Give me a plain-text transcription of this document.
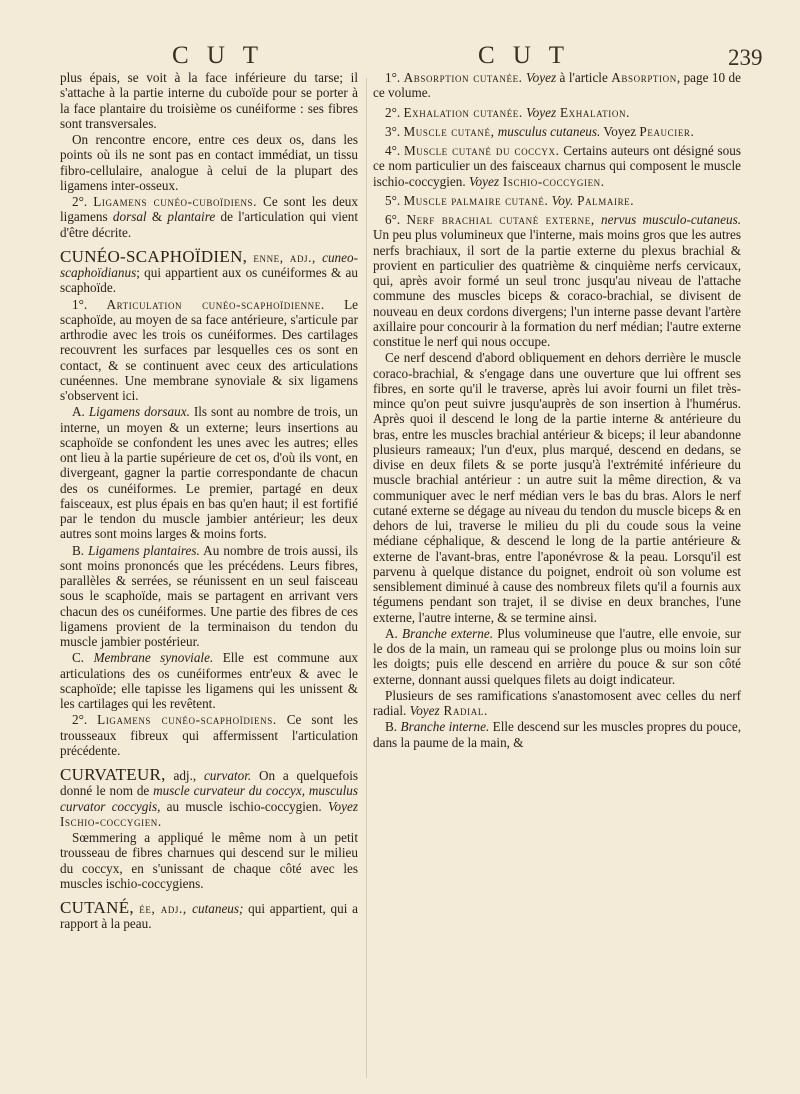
C U T	C U T	239

plus épais, se voit à la face inférieure du tarse; il s'attache à la partie interne du cuboïde pour se porter à la face plantaire du troisième os cunéiforme : ses fibres sont transversales.

On rencontre encore, entre ces deux os, dans les points où ils ne sont pas en contact immédiat, un tissu fibro-cellulaire, analogue à celui de la plupart des ligamens inter-osseux.

2°. Ligamens cunéo-cuboïdiens. Ce sont les deux ligamens dorsal & plantaire de l'articulation qui vient d'être décrite.

CUNÉO-SCAPHOÏDIEN, enne, adj., cuneo-scaphoïdianus; qui appartient aux os cunéiformes & au scaphoïde.

1°. Articulation cunéo-scaphoïdienne. Le scaphoïde, au moyen de sa face antérieure, s'articule par arthrodie avec les trois os cunéiformes. Des cartilages recouvrent les surfaces par lesquelles ces os sont en contact, & se continuent avec ceux des articulations cunéennes. Une membrane synoviale & six ligamens s'observent ici.

A. Ligamens dorsaux. Ils sont au nombre de trois, un interne, un moyen & un externe; leurs insertions au scaphoïde se confondent les unes avec les autres; elles ont lieu à la partie supérieure de cet os, d'où ils vont, en divergeant, gagner la partie correspondante de chacun des os cunéiformes. Le premier, partagé en deux faisceaux, est plus épais en bas qu'en haut; il est fortifié par le tendon du muscle jambier antérieur; les deux autres sont moins larges & moins forts.

B. Ligamens plantaires. Au nombre de trois aussi, ils sont moins prononcés que les précédens. Leurs fibres, parallèles & serrées, se réunissent en un seul faisceau sous le scaphoïde, mais se partagent en arrivant vers chacun des os cunéiformes. Une partie des fibres de ces ligamens provient de la terminaison du tendon du muscle jambier postérieur.

C. Membrane synoviale. Elle est commune aux articulations des os cunéiformes entr'eux & avec le scaphoïde; elle tapisse les ligamens qui les unissent & les cartilages qui les revêtent.

2°. Ligamens cunéo-scaphoïdiens. Ce sont les trousseaux fibreux qui affermissent l'articulation précédente.

CURVATEUR, adj., curvator. On a quelquefois donné le nom de muscle curvateur du coccyx, musculus curvator coccygis, au muscle ischio-coccygien. Voyez Ischio-coccygien.

Sœmmering a appliqué le même nom à un petit trousseau de fibres charnues qui descend sur le milieu du coccyx, en s'unissant de chaque côté avec les muscles ischio-coccygiens.

CUTANÉ, ée, adj., cutaneus; qui appartient, qui a rapport à la peau.

1°. Absorption cutanée. Voyez à l'article Absorption, page 10 de ce volume.

2°. Exhalation cutanée. Voyez Exhalation.

3°. Muscle cutané, musculus cutaneus. Voyez Peaucier.

4°. Muscle cutané du coccyx. Certains auteurs ont désigné sous ce nom particulier un des faisceaux charnus qui composent le muscle ischio-coccygien. Voyez Ischio-coccygien.

5°. Muscle palmaire cutané. Voy. Palmaire.

6°. Nerf brachial cutané externe, nervus musculo-cutaneus. Un peu plus volumineux que l'interne, mais moins gros que les autres nerfs brachiaux, il sort de la partie externe du plexus brachial & provient en particulier des quatrième & cinquième nerfs cervicaux, qui, après avoir formé un seul tronc jusqu'au niveau de l'attache commune des muscles biceps & coraco-brachial, se divisent de nouveau en deux cordons divergens; l'un interne passe devant l'artère axillaire pour concourir à la formation du nerf médian; l'autre externe constitue le nerf qui nous occupe.

Ce nerf descend d'abord obliquement en dehors derrière le muscle coraco-brachial, & s'engage dans une ouverture que lui offrent ses fibres, en sorte qu'il le traverse, après lui avoir fourni un filet très-mince qu'on peut suivre jusqu'auprès de son insertion à l'humérus. Après quoi il descend le long de la partie interne & antérieure du bras, entre les muscles brachial antérieur & biceps; il leur abandonne plusieurs rameaux; l'un d'eux, plus marqué, descend en dedans, se divise en deux filets & se porte jusqu'à l'extrémité inférieure du muscle brachial antérieur : un autre suit la même direction, & va communiquer avec le nerf médian vers le bas du bras. Alors le nerf cutané externe se dégage au niveau du tendon du muscle biceps & en dehors de lui, traverse le milieu du pli du coude sous la veine médiane céphalique, & descend le long de la partie antérieure & externe de l'avant-bras, entre l'aponévrose & la peau. Lorsqu'il est parvenu à quelque distance du poignet, endroit où son volume est sensiblement diminué à cause des nombreux filets qu'il a fournis aux tégumens pendant son trajet, il se divise en deux branches, l'une externe, l'autre interne, & se termine ainsi.

A. Branche externe. Plus volumineuse que l'autre, elle envoie, sur le dos de la main, un rameau qui se prolonge plus ou moins loin sur les doigts; puis elle descend en arrière du pouce & sur son côté externe, donnant aussi quelques filets au doigt indicateur.

Plusieurs de ses ramifications s'anastomosent avec celles du nerf radial. Voyez Radial.

B. Branche interne. Elle descend sur les muscles propres du pouce, dans la paume de la main, &
